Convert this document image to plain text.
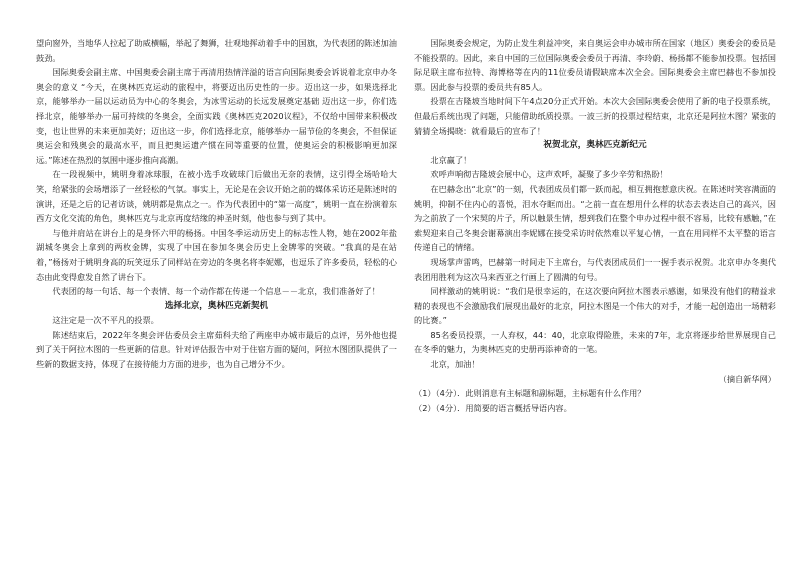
望向窗外，当地华人拉起了助威横幅，举起了舞狮，壮观地挥动着手中的国旗，为代表团的陈述加油鼓劲。

国际奥委会副主席、中国奥委会副主席于再清用热情洋溢的语言向国际奥委会诉说着北京申办冬奥会的意义 “今天，在奥林匹克运动的旅程中，将要迈出历史性的一步。迈出这一步，如果选择北京，能够举办一届以运动员为中心的冬奥会，为冰雪运动的长远发展奠定基础 迈出这一步，你们选择北京，能够举办一届可持续的冬奥会，全面实践《奥林匹克2020议程》，不仅给中国带来积极改变，也让世界的未来更加美好；迈出这一步，你们选择北京，能够举办一届节俭的冬奥会，不但保证奥运会和残奥会的最高水平，而且把奥运遗产惯在同等重要的位置，使奥运会的积极影响更加深远。”陈述在热烈的氛围中逐步推向高潮。

在一段视频中，姚明身着冰球服，在被小选手攻破球门后做出无奈的表情，这引得全场哈哈大笑，给紧张的会场增添了一丝轻松的气氛。事实上，无论是在会议开始之前的媒体采访还是陈述时的演讲，还是之后的记者访谈，姚明都是焦点之一。作为代表团中的“第一高度”，姚明一直在扮演着东西方文化交流的角色，奥林匹克与北京再度结缘的神圣时刻，他也参与到了其中。

与他并肩站在讲台上的是身怀六甲的杨扬。中国冬季运动历史上的标志性人物，她在2002年盐湖城冬奥会上拿到的两枚金牌，实现了中国在参加冬奥会历史上金牌零的突破。“我真的是在站着，”杨扬对于姚明身高的玩笑逗乐了同样站在旁边的冬奥名将李妮娜，也逗乐了许多委员，轻松的心态由此变得愈发自然了讲台下。

代表团的每一句话、每一个表情、每一个动作都在传递一个信息－－北京，我们准备好了！

选择北京，奥林匹克新契机

这注定是一次不平凡的投票。

陈述结束后，2022年冬奥会评估委员会主席茹科夫给了两座申办城市最后的点评，另外他也提到了关于阿拉木图的一些更新的信息。针对评估报告中对于住宿方面的疑问，阿拉木图团队提供了一些新的数据支持，体现了在接待能力方面的进步，也为自己增分不少。

国际奥委会规定，为防止发生利益冲突，来自奥运会申办城市所在国家（地区）奥委会的委员是不能投票的。因此，来自中国的三位国际奥委会委员于再清、李玲蔚、杨扬都不能参加投票。包括国际足联主席布拉特、海博格等在内的11位委员请假缺席本次全会。国际奥委会主席巴赫也不参加投票。因此参与投票的委员共有85人。

投票在吉隆坡当地时间下午4点20分正式开始。本次大会国际奥委会使用了新的电子投票系统，但最后系统出现了问题，只能借助纸质投票。一波三折的投票过程结束，北京还是阿拉木图？紧张的猜猜全场揭晓：就看最后的宣布了！

祝贺北京，奥林匹克新纪元

北京赢了！

欢呼声响彻吉隆坡会展中心，这声欢呼，凝聚了多少辛劳和热盼！

在巴赫念出“北京”的一刻，代表团成员们都一跃而起，相互拥抱惹意庆祝。在陈述时笑容满面的姚明，抑制不住内心的喜悦，泪水夺眶而出。“之前一直在想用什么样的状态去表达自己的高兴，因为之前放了一个宋契的片子，所以触景生情，想到我们在整个申办过程中很不容易，比较有感触，”在索契迎来自己冬奥会谢幕演出李妮娜在接受采访时依然难以平复心情，一直在用同样不太平整的语言传递自己的情绪。

现场掌声雷鸣，巴赫第一时间走下主席台，与代表团成员们一一握手表示祝贺。北京申办冬奥代表团用胜利为这次马来西亚之行画上了圆满的句号。

同样激动的姚明说：“我们是很幸运的，在这次要向阿拉木图表示感谢，如果没有他们的精益求精的表现也不会激励我们展现出最好的北京，阿拉木图是一个伟大的对手，才能一起创造出一场精彩的比赛。”

85名委员投票，一人弃权，44：40，北京取得险胜，未来的7年，北京将逐步给世界展现自己在冬季的魅力，为奥林匹克的史册再添神奇的一笔。

北京，加油！

（摘自新华网）

（1）（4分）．此则消息有主标题和副标题，主标题有什么作用？

（2）（4分）．用简要的语言概括导语内容。
